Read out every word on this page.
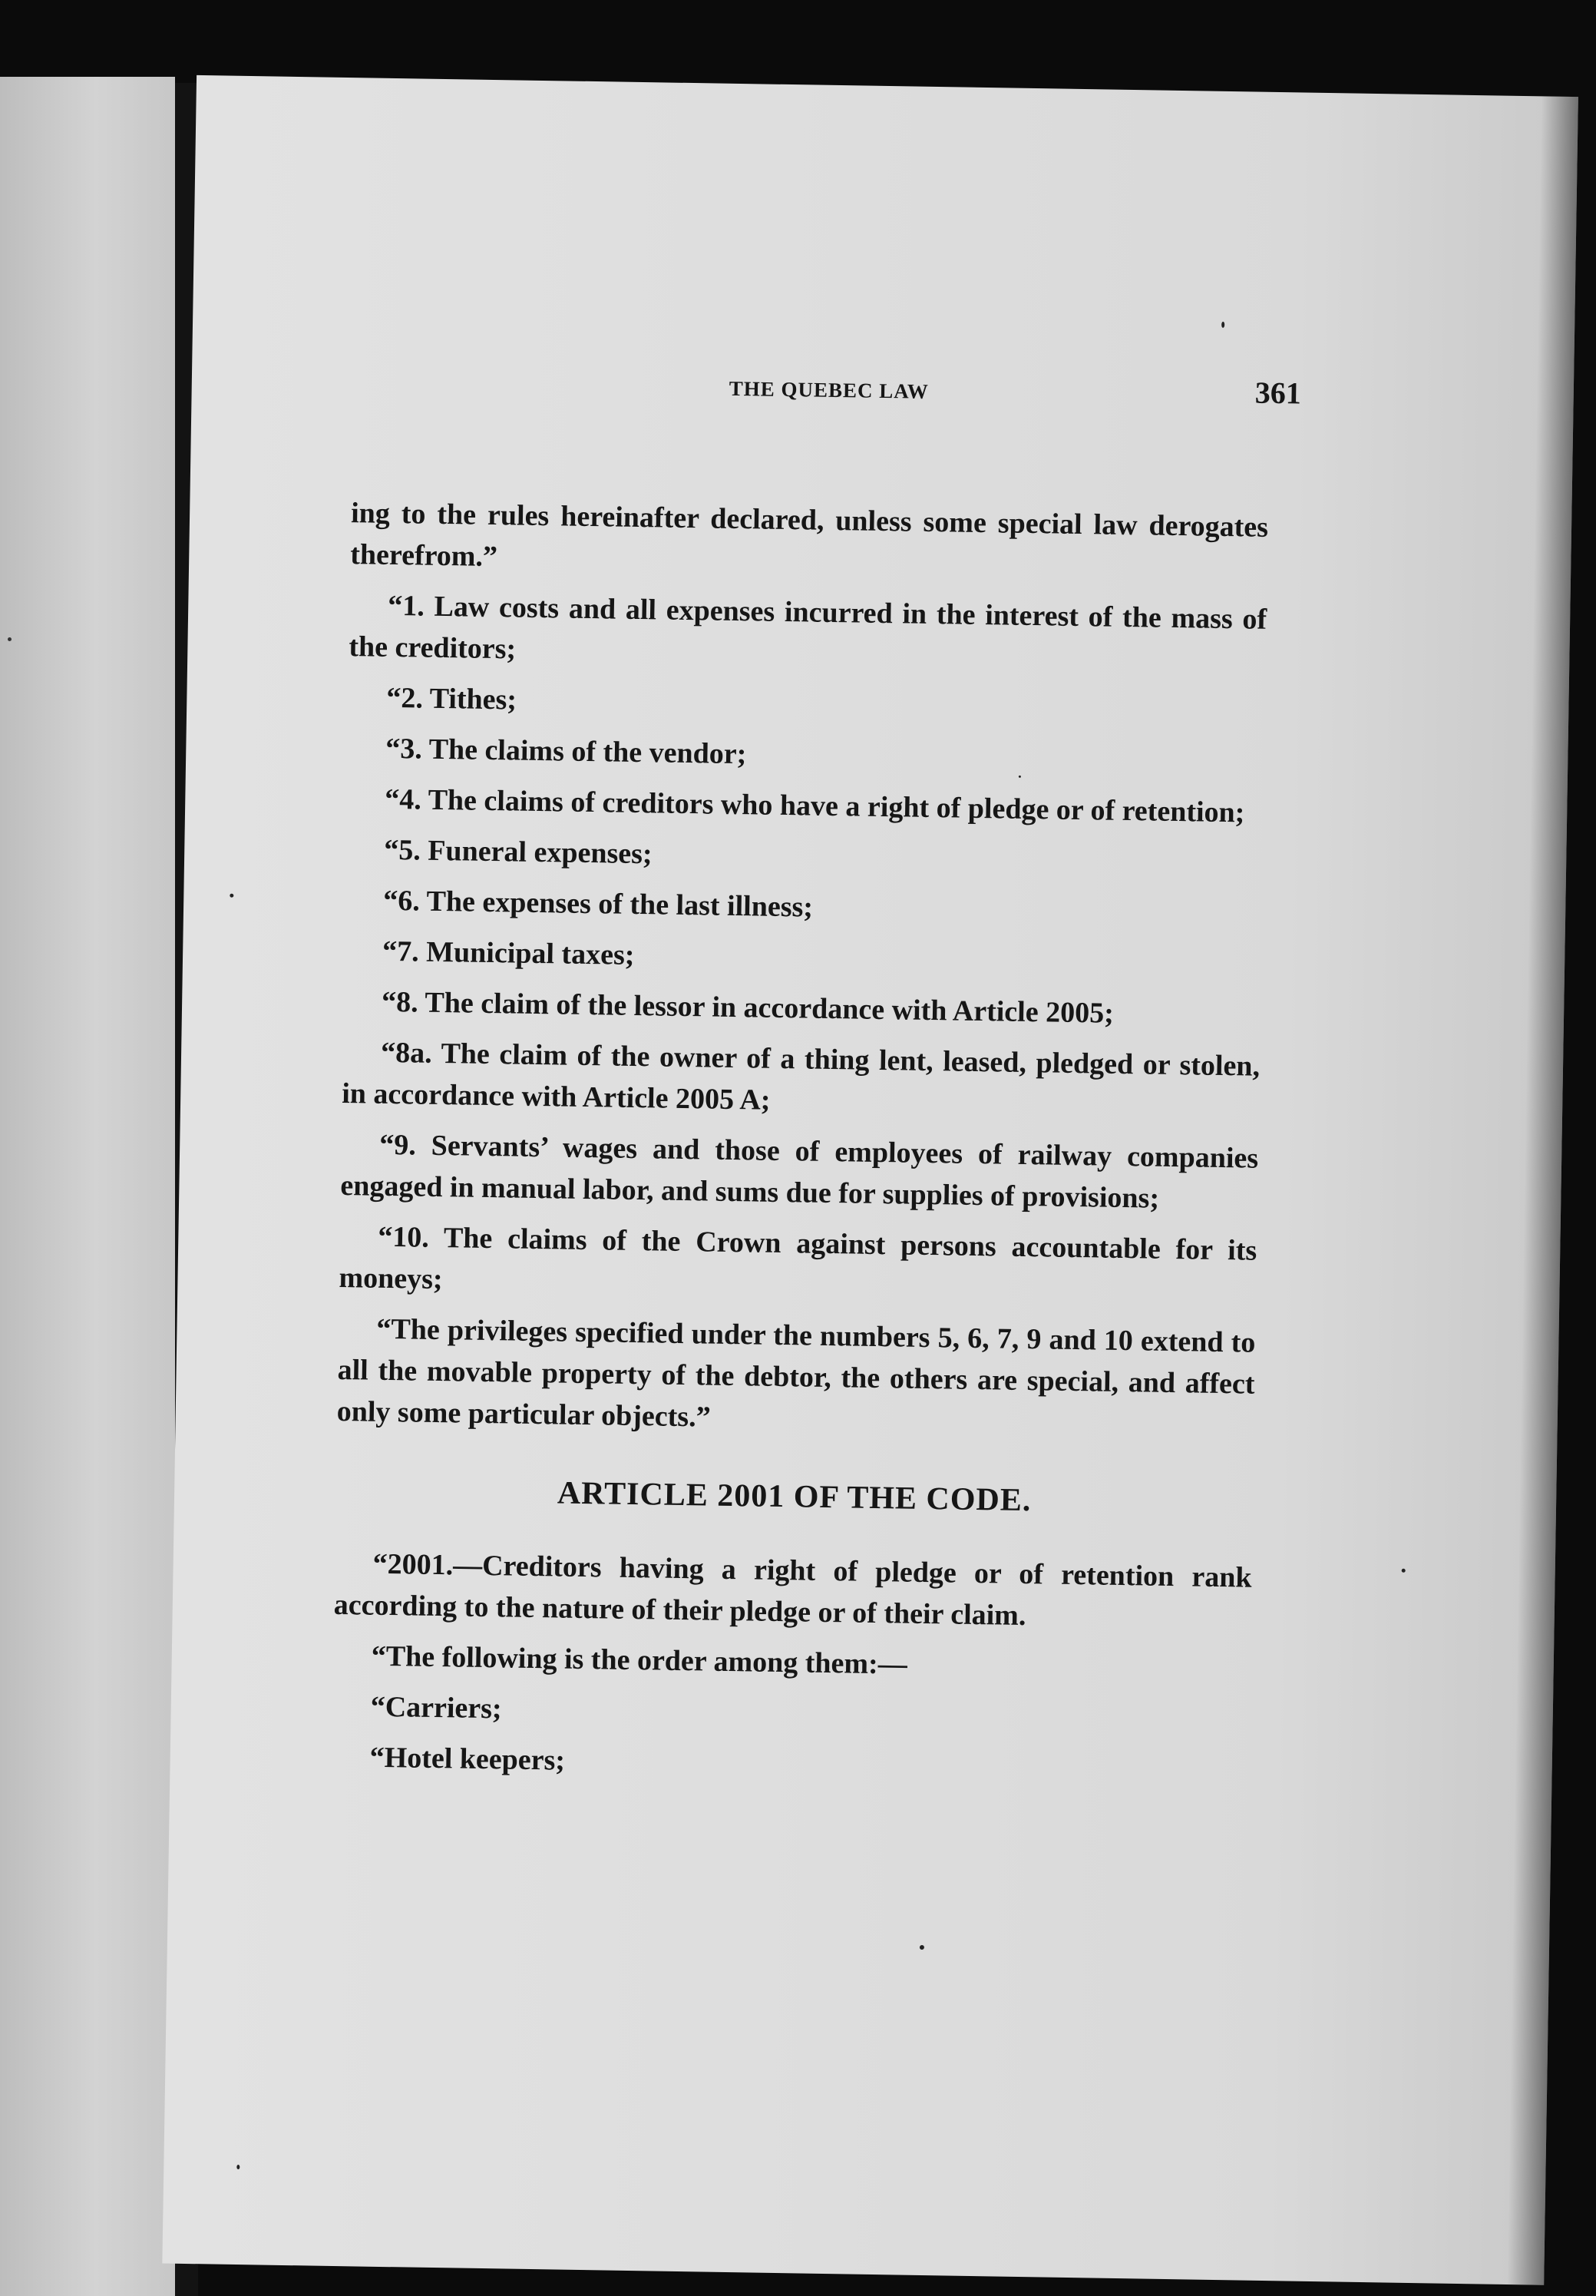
THE QUEBEC LAW	361

ing to the rules hereinafter declared, unless some special law derogates therefrom.”

“1. Law costs and all expenses incurred in the interest of the mass of the creditors;

“2. Tithes;

“3. The claims of the vendor;

“4. The claims of creditors who have a right of pledge or of retention;

“5. Funeral expenses;

“6. The expenses of the last illness;

“7. Municipal taxes;

“8. The claim of the lessor in accordance with Article 2005;

“8a. The claim of the owner of a thing lent, leased, pledged or stolen, in accordance with Article 2005 A;

“9. Servants’ wages and those of employees of railway companies engaged in manual labor, and sums due for supplies of provisions;

“10. The claims of the Crown against persons accountable for its moneys;

“The privileges specified under the numbers 5, 6, 7, 9 and 10 extend to all the movable property of the debtor, the others are special, and affect only some particular objects.”

ARTICLE 2001 OF THE CODE.

“2001.—Creditors having a right of pledge or of retention rank according to the nature of their pledge or of their claim.

“The following is the order among them:—

“Carriers;

“Hotel keepers;
